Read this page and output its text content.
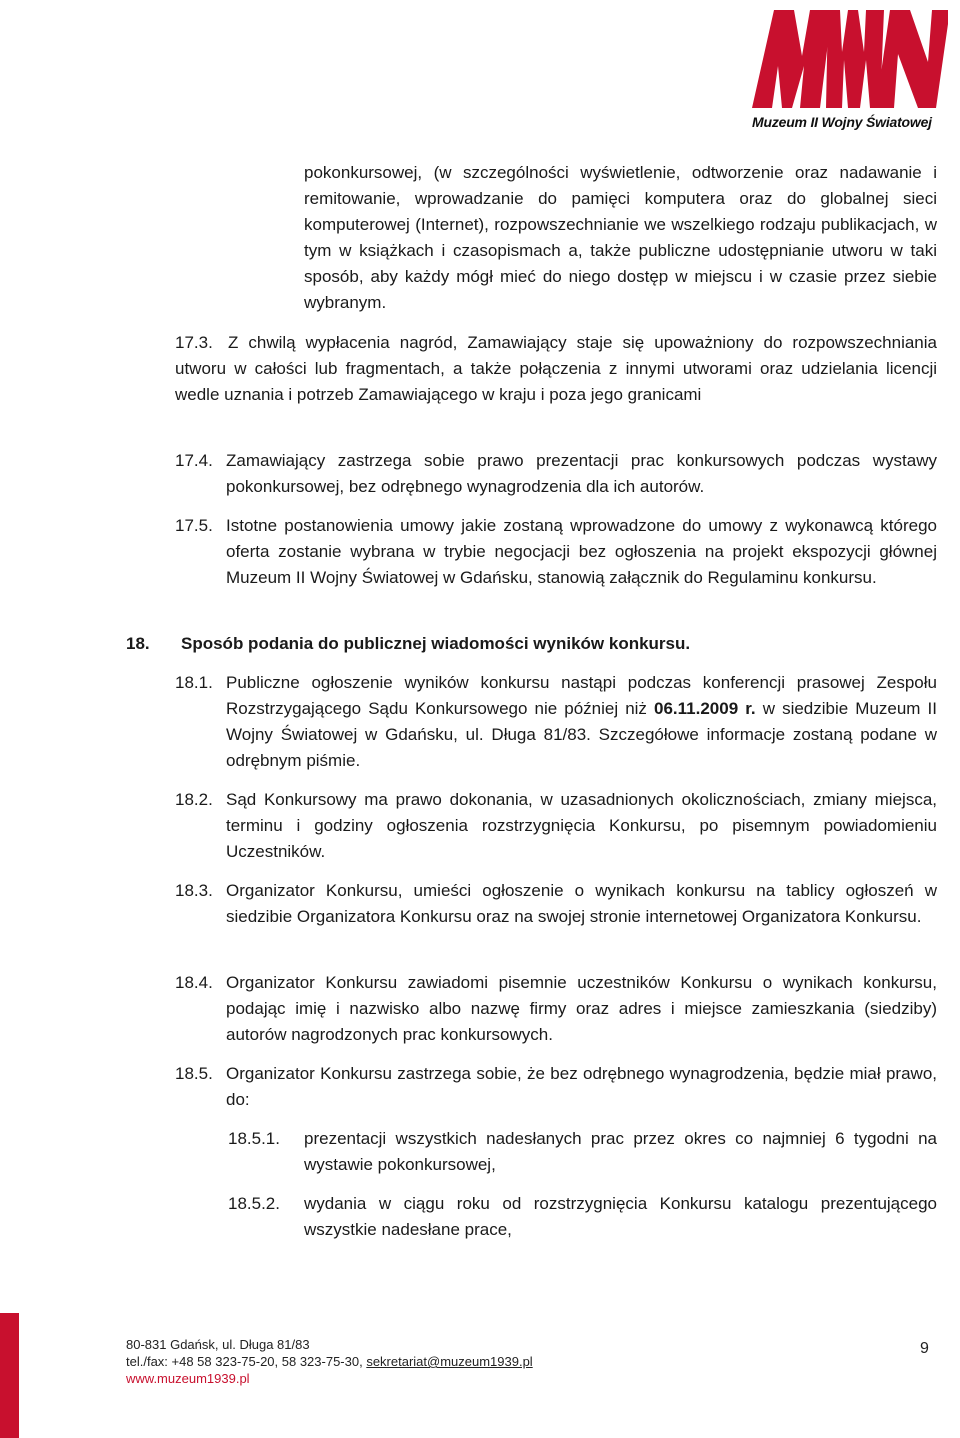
Muzeum II Wojny Światowej
pokonkursowej, (w szczególności wyświetlenie, odtworzenie oraz nadawanie i remitowanie, wprowadzanie do pamięci komputera oraz do globalnej sieci komputerowej (Internet), rozpowszechnianie we wszelkiego rodzaju publikacjach, w tym w książkach i czasopismach a, także publiczne udostępnianie utworu w taki sposób, aby każdy mógł mieć do niego dostęp w miejscu i w czasie przez siebie wybranym.
17.3. Z chwilą wypłacenia nagród, Zamawiający staje się upoważniony do rozpowszechniania utworu w całości lub fragmentach, a także połączenia z innymi utworami oraz udzielania licencji wedle uznania i potrzeb Zamawiającego w kraju i poza jego granicami
17.4. Zamawiający zastrzega sobie prawo prezentacji prac konkursowych podczas wystawy pokonkursowej, bez odrębnego wynagrodzenia dla ich autorów.
17.5. Istotne postanowienia umowy jakie zostaną wprowadzone do umowy z wykonawcą którego oferta zostanie wybrana w trybie negocjacji bez ogłoszenia na projekt ekspozycji głównej Muzeum II Wojny Światowej w Gdańsku, stanowią załącznik do Regulaminu konkursu.
18. Sposób podania do publicznej wiadomości wyników konkursu.
18.1. Publiczne ogłoszenie wyników konkursu nastąpi podczas konferencji prasowej Zespołu Rozstrzygającego Sądu Konkursowego nie później niż 06.11.2009 r. w siedzibie Muzeum II Wojny Światowej w Gdańsku, ul. Długa 81/83. Szczegółowe informacje zostaną podane w odrębnym piśmie.
18.2. Sąd Konkursowy ma prawo dokonania, w uzasadnionych okolicznościach, zmiany miejsca, terminu i godziny ogłoszenia rozstrzygnięcia Konkursu, po pisemnym powiadomieniu Uczestników.
18.3. Organizator Konkursu, umieści ogłoszenie o wynikach konkursu na tablicy ogłoszeń w siedzibie Organizatora Konkursu oraz na swojej stronie internetowej Organizatora Konkursu.
18.4. Organizator Konkursu zawiadomi pisemnie uczestników Konkursu o wynikach konkursu, podając imię i nazwisko albo nazwę firmy oraz adres i miejsce zamieszkania (siedziby) autorów nagrodzonych prac konkursowych.
18.5. Organizator Konkursu zastrzega sobie, że bez odrębnego wynagrodzenia, będzie miał prawo, do:
18.5.1. prezentacji wszystkich nadesłanych prac przez okres co najmniej 6 tygodni na wystawie pokonkursowej,
18.5.2. wydania w ciągu roku od rozstrzygnięcia Konkursu katalogu prezentującego wszystkie nadesłane prace,
80-831 Gdańsk, ul. Długa 81/83
tel./fax: +48 58 323-75-20, 58 323-75-30, sekretariat@muzeum1939.pl
www.muzeum1939.pl
9
